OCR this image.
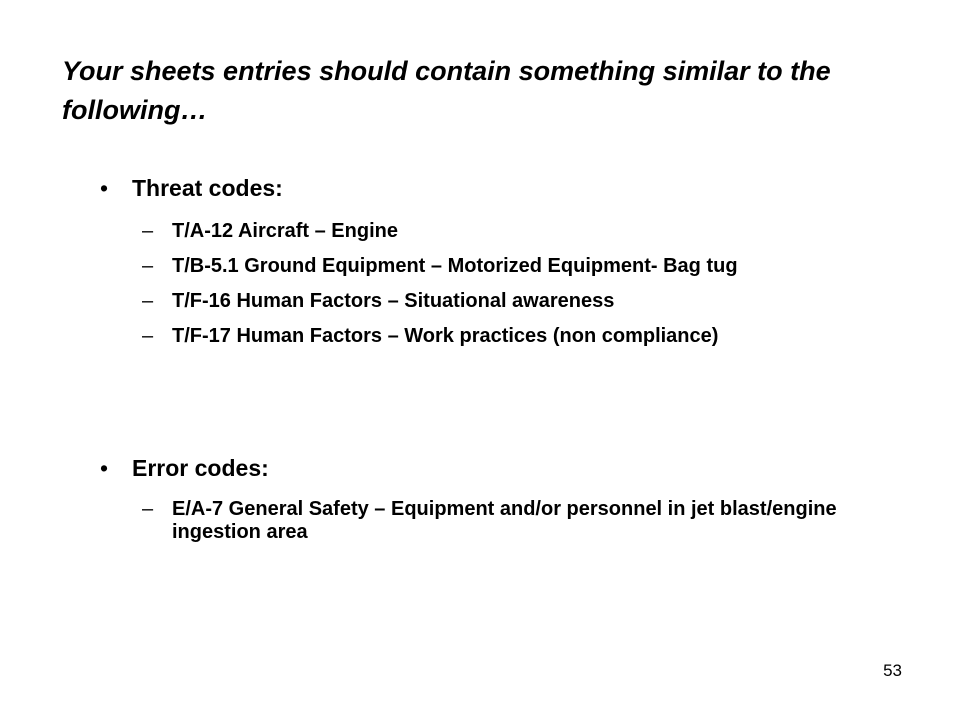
Your sheets entries should contain something similar to the following…
• Threat codes:
– T/A-12 Aircraft – Engine
– T/B-5.1 Ground Equipment – Motorized Equipment- Bag tug
– T/F-16 Human Factors – Situational awareness
– T/F-17 Human Factors – Work practices (non compliance)
• Error codes:
– E/A-7 General Safety – Equipment and/or personnel in jet blast/engine ingestion area
53
